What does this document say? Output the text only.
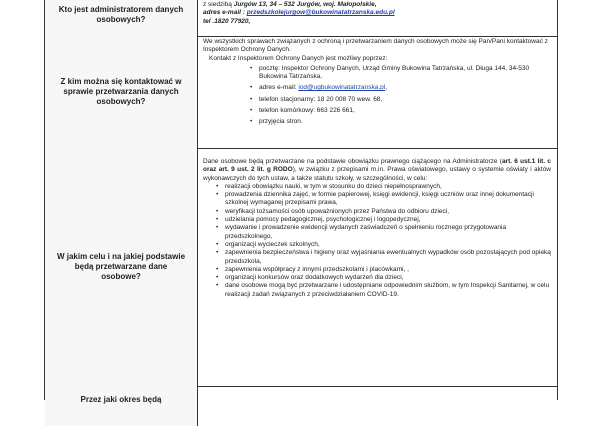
Kto jest administratorem danych osobowych?
z siedzibą Jurgów 13, 34 – 532 Jurgów, woj. Małopolskie,
adres e-mail : przedszkolejurgow@bukowinatatrzanska.edu.pl
tel .1820 77920,
Z kim można się kontaktować w sprawie przetwarzania danych osobowych?
We wszystkich sprawach związanych z ochroną i przetwarzaniem danych osobowych może się Pan/Pani kontaktować z Inspektorem Ochrony Danych.
Kontakt z Inspektorem Ochrony Danych jest możliwy poprzez:
• pocztę: Inspektor Ochrony Danych, Urząd Gminy Bukowina Tatrzańska, ul. Długa 144, 34-530 Bukowina Tatrzańska,
• adres e-mail: iod@ugbukowinatatrzanska.pl,
• telefon stacjonarny: 18 20 008 70 wew. 68,
• telefon komórkowy: 663 226 661,
• przyjęcia stron.
W jakim celu i na jakiej podstawie będą przetwarzane dane osobowe?
Dane osobowe będą przetwarzane na podstawie obowiązku prawnego ciążącego na Administratorze (art. 6 ust.1 lit. c oraz art. 9 ust. 2 lit. g RODO), w związku z przepisami m.in. Prawa oświatowego, ustawy o systemie oświaty i aktów wykonawczych do tych ustaw, a także statutu szkoły, w szczególności, w celu:
• realizacji obowiązku nauki, w tym w stosunku do dzieci niepełnosprawnych,
• prowadzenia dziennika zajęć, w formie papierowej, księgi ewidencji, księgi uczniów oraz innej dokumentacji szkolnej wymaganej przepisami prawa,
• weryfikacji tożsamości osób upoważnionych przez Państwa do odbioru dzieci,
• udzielania pomocy pedagogicznej, psychologicznej i logopedycznej,
• wydawanie i prowadzenie ewidencji wydanych zaświadczeń o spełnieniu rocznego przygotowania przedszkolnego,
• organizacji wycieczek szkolnych,
• zapewnienia bezpieczeństwa i higieny oraz wyjaśniania ewentualnych wypadków osób pozostających pod opieką przedszkola,
• zapewnienia współpracy z innymi przedszkolami i placówkami, ,
• organizacji konkursów oraz dodatkowych wydarzeń dla dzieci,
• dane osobowe mogą być przetwarzane i udostępniane odpowiednim służbom, w tym Inspekcji Sanitarnej, w celu realizacji zadań związanych z przeciwdziałaniem COVID-19.
Przez jaki okres będą
